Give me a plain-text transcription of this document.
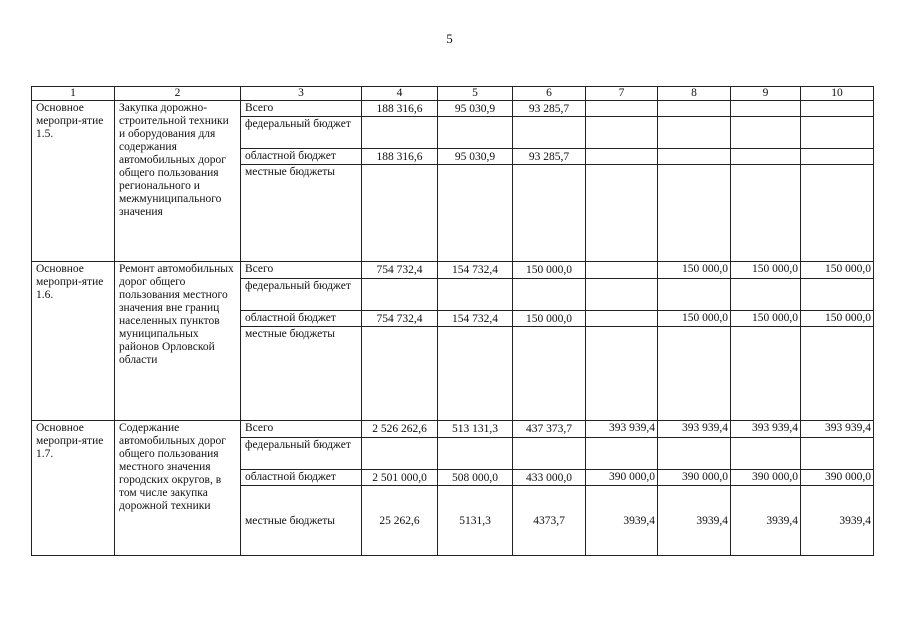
5
1	2	3	4	5	6	7	8	9	10
Основное меропри-ятие 1.5.	Закупка дорожно-строительной техники и оборудования для содержания автомобильных дорог общего пользования регионального и межмуниципального значения	Всего	188 316,6	95 030,9	93 285,7				
		федеральный бюджет							
		областной бюджет	188 316,6	95 030,9	93 285,7				
		местные бюджеты							
Основное меропри-ятие 1.6.	Ремонт автомобильных дорог общего пользования местного значения вне границ населенных пунктов муниципальных районов Орловской области	Всего	754 732,4	154 732,4	150 000,0		150 000,0	150 000,0	150 000,0
		федеральный бюджет							
		областной бюджет	754 732,4	154 732,4	150 000,0		150 000,0	150 000,0	150 000,0
		местные бюджеты							
Основное меропри-ятие 1.7.	Содержание автомобильных дорог общего пользования местного значения городских округов, в том числе закупка дорожной техники	Всего	2 526 262,6	513 131,3	437 373,7	393 939,4	393 939,4	393 939,4	393 939,4
		федеральный бюджет							
		областной бюджет	2 501 000,0	508 000,0	433 000,0	390 000,0	390 000,0	390 000,0	390 000,0
		местные бюджеты	25 262,6	5131,3	4373,7	3939,4	3939,4	3939,4	3939,4
